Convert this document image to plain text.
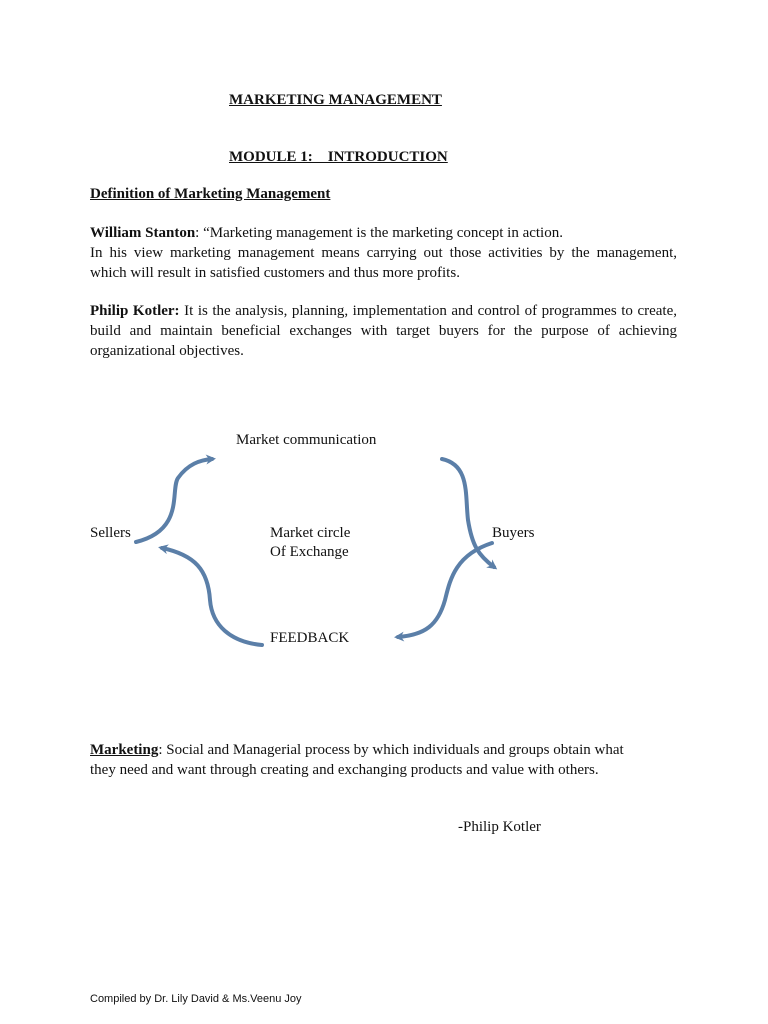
MARKETING MANAGEMENT
MODULE 1:    INTRODUCTION
Definition of Marketing Management
William Stanton: “Marketing management is the marketing concept in action.
In his view marketing management means carrying out those activities by the management, which will result in satisfied customers and thus more profits.
Philip Kotler: It is the analysis, planning, implementation and control of programmes to create, build and maintain beneficial exchanges with target buyers for the purpose of achieving organizational objectives.
Market communication
Sellers	Buyers
Market circle
Of Exchange
FEEDBACK
Marketing: Social and Managerial process by which individuals and groups obtain what they need and want through creating and exchanging products and value with others.
-Philip Kotler
Compiled by Dr. Lily David & Ms.Veenu Joy
